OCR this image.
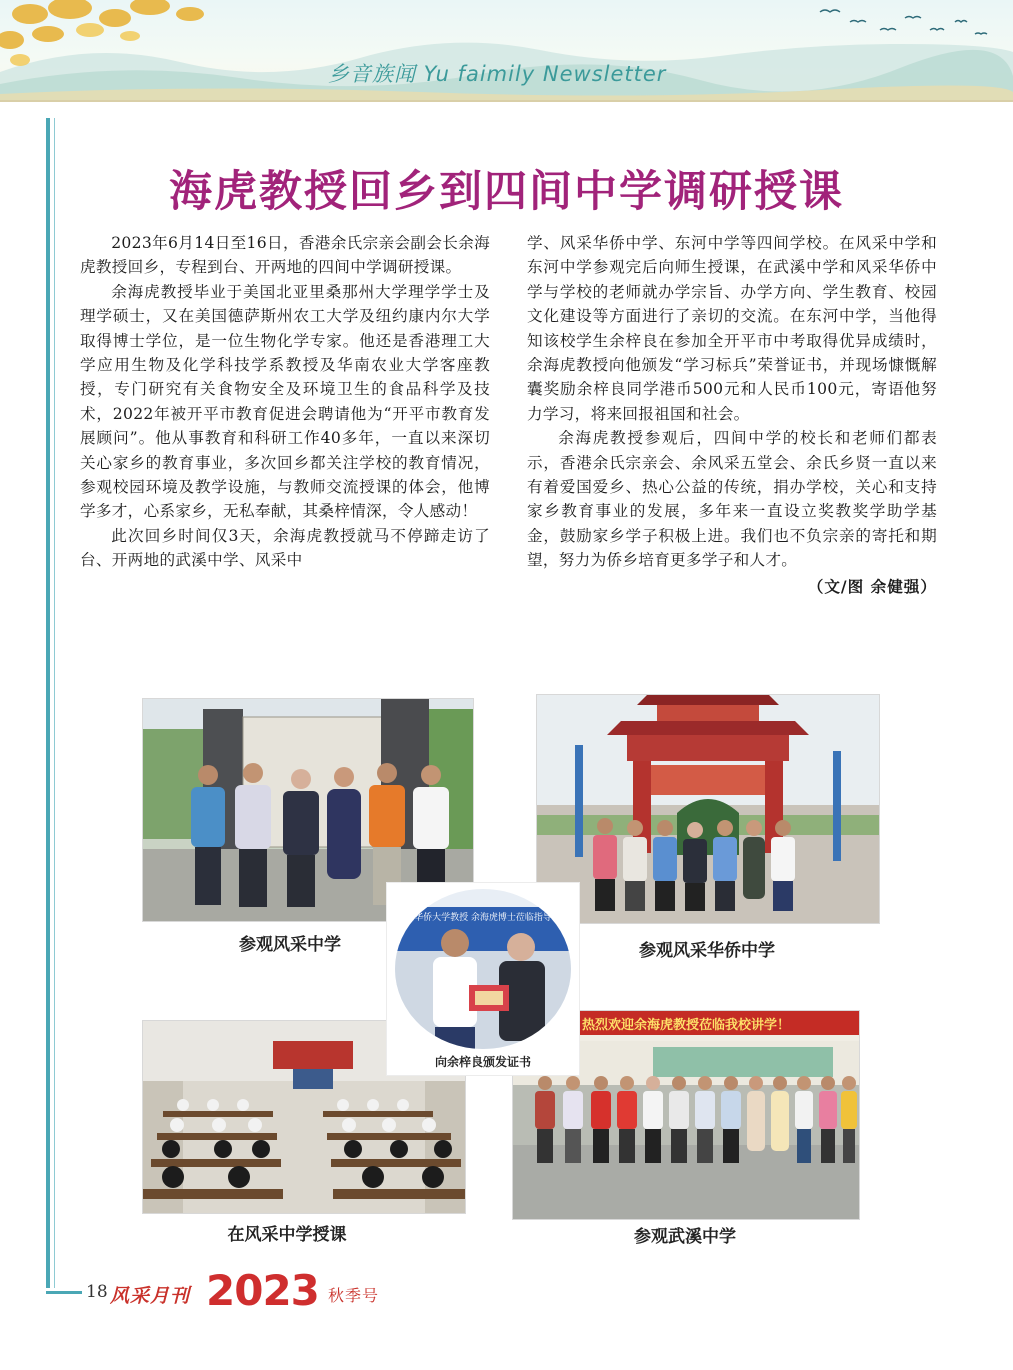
乡音族闻 Yu faimily Newsletter
海虎教授回乡到四间中学调研授课

2023年6月14日至16日，香港余氏宗亲会副会长余海虎教授回乡，专程到台、开两地的四间中学调研授课。

余海虎教授毕业于美国北亚里桑那州大学理学学士及理学硕士，又在美国德萨斯州农工大学及纽约康内尔大学取得博士学位，是一位生物化学专家。他还是香港理工大学应用生物及化学科技学系教授及华南农业大学客座教授，专门研究有关食物安全及环境卫生的食品科学及技术，2022年被开平市教育促进会聘请他为“开平市教育发展顾问”。他从事教育和科研工作40多年，一直以来深切关心家乡的教育事业，多次回乡都关注学校的教育情况，参观校园环境及教学设施，与教师交流授课的体会，他博学多才，心系家乡，无私奉献，其桑梓情深，令人感动！

此次回乡时间仅3天，余海虎教授就马不停蹄走访了台、开两地的武溪中学、风采中

学、风采华侨中学、东河中学等四间学校。在风采中学和东河中学参观完后向师生授课，在武溪中学和风采华侨中学与学校的老师就办学宗旨、办学方向、学生教育、校园文化建设等方面进行了亲切的交流。在东河中学，当他得知该校学生余梓良在参加全开平市中考取得优异成绩时，余海虎教授向他颁发“学习标兵”荣誉证书，并现场慷慨解囊奖励余梓良同学港币500元和人民币100元，寄语他努力学习，将来回报祖国和社会。

余海虎教授参观后，四间中学的校长和老师们都表示，香港余氏宗亲会、余风采五堂会、余氏乡贤一直以来有着爱国爱乡、热心公益的传统，捐办学校，关心和支持家乡教育事业的发展，多年来一直设立奖教奖学助学基金，鼓励家乡学子积极上进。我们也不负宗亲的寄托和期望，努力为侨乡培育更多学子和人才。

（文/图 余健强）
参观风采中学	参观风采华侨中学
在风采中学授课
热烈欢迎余海虎教授莅临我校讲学！
参观武溪中学
欢迎华侨大学教授 余海虎博士莅临指导工作
向余梓良颁发证书
18 风采月刊 2023 秋季号
